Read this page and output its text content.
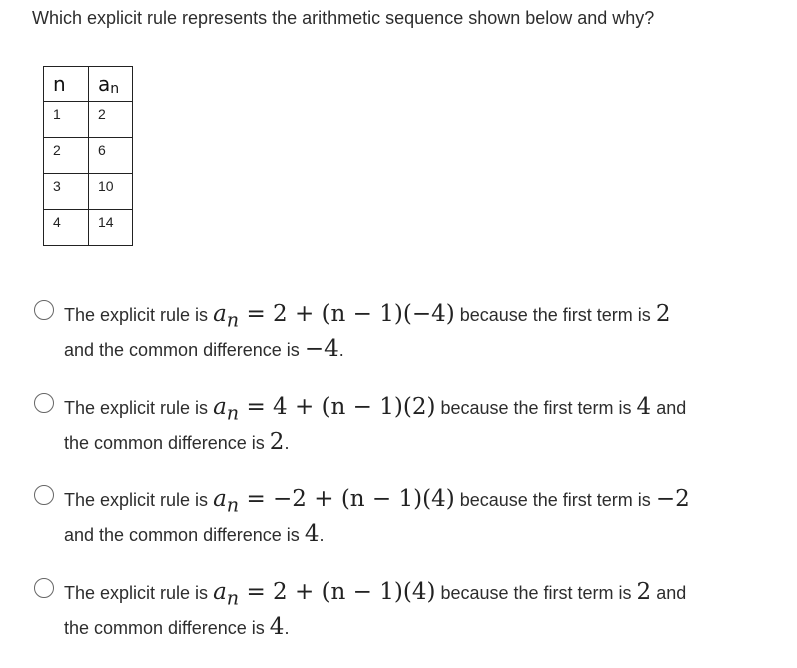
Which explicit rule represents the arithmetic sequence shown below and why?
n	$a_n$
1	2
2	6
3	10
4	14
The explicit rule is $a_n = 2 + (n - 1)(-4)$ because the first term is 2
and the common difference is −4.
The explicit rule is $a_n = 4 + (n - 1)(2)$ because the first term is 4 and
the common difference is 2.
The explicit rule is $a_n = -2 + (n - 1)(4)$ because the first term is −2
and the common difference is 4.
The explicit rule is $a_n = 2 + (n - 1)(4)$ because the first term is 2 and
the common difference is 4.
